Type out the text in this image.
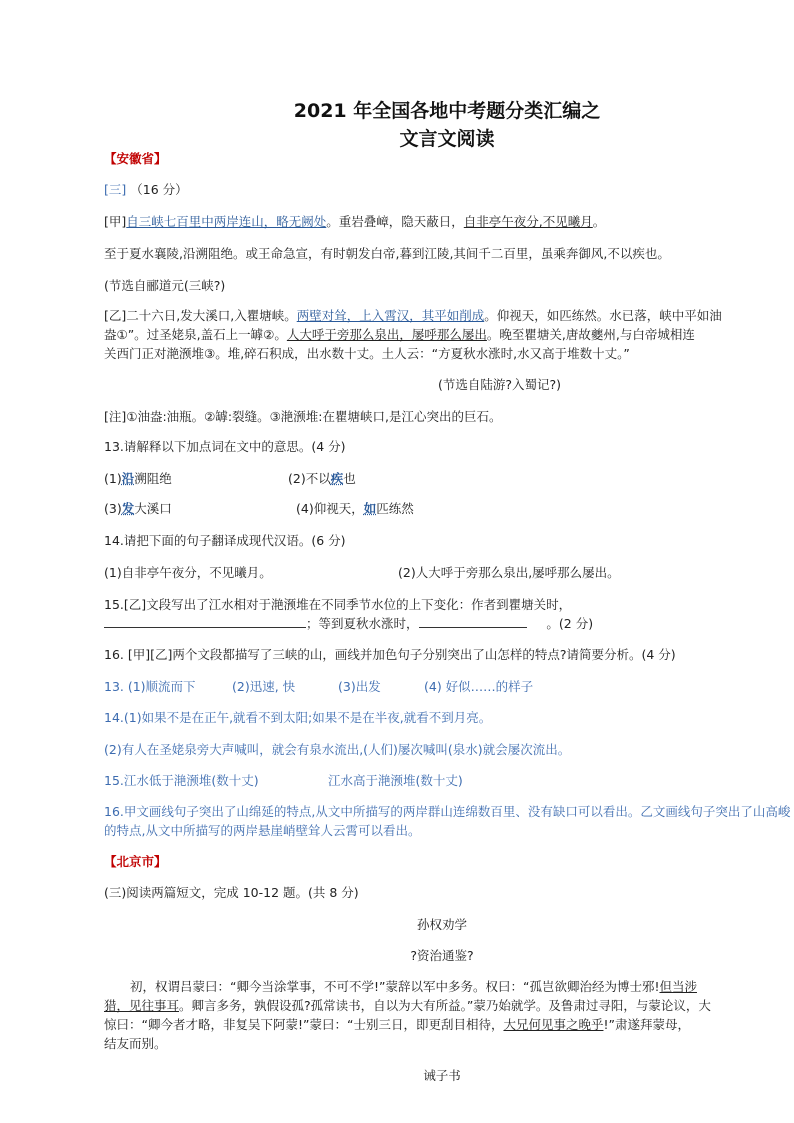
2021 年全国各地中考题分类汇编之
文言文阅读
【安徽省】
[三] （16 分）
[甲]自三峡七百里中两岸连山，略无阙处。重岩叠嶂，隐天蔽日，自非亭午夜分,不见曦月。
至于夏水襄陵,沿溯阻绝。或王命急宣，有时朝发白帝,暮到江陵,其间千二百里，虽乘奔御风,不以疾也。
(节选自郦道元(三峡?)
[乙]二十六日,发大溪口,入瞿塘峡。两壁对耸，上入霄汉，其平如削成。仰视天，如匹练然。水已落，峡中平如油
盎①”。过圣姥泉,盖石上一罅②。人大呼于旁那么泉出，屡呼那么屡出。晚至瞿塘关,唐故夔州,与白帝城相连
关西门正对滟滪堆③。堆,碎石积成，出水数十丈。土人云：“方夏秋水涨时,水又高于堆数十丈。”
(节选自陆游?入蜀记?)
[注]①油盎:油瓶。②罅:裂缝。③滟滪堆:在瞿塘峡口,是江心突出的巨石。
13.请解释以下加点词在文中的意思。(4 分)
(1)沿溯阻绝	(2)不以疾也
(3)发大溪口	(4)仰视天，如匹练然
14.请把下面的句子翻译成现代汉语。(6 分)
(1)自非亭午夜分，不见曦月。	(2)人大呼于旁那么泉出,屡呼那么屡出。
15.[乙]文段写出了江水相对于滟滪堆在不同季节水位的上下变化：作者到瞿塘关时，
；等到夏秋水涨时，	。(2 分)
16. [甲][乙]两个文段都描写了三峡的山，画线并加色句子分别突出了山怎样的特点?请简要分析。(4 分)
13. (1)顺流而下	(2)迅速, 快	(3)出发	(4) 好似……的样子
14.(1)如果不是在正午,就看不到太阳;如果不是在半夜,就看不到月亮。
(2)有人在圣姥泉旁大声喊叫，就会有泉水流出,(人们)屡次喊叫(泉水)就会屡次流出。
15.江水低于滟滪堆(数十丈)	江水高于滟滪堆(数十丈)
16.甲文画线句子突出了山绵延的特点,从文中所描写的两岸群山连绵数百里、没有缺口可以看出。乙文画线句子突出了山高峻的特点,从文中所描写的两岸悬崖峭壁耸人云霄可以看出。
【北京市】
(三)阅读两篇短文，完成 10-12 题。(共 8 分)
孙权劝学
?资治通鉴?
初，权谓吕蒙曰：“卿今当涂掌事，不可不学!”蒙辞以军中多务。权曰：“孤岂欲卿治经为博士邪!但当涉
猎，见往事耳。卿言多务，孰假设孤?孤常读书，自以为大有所益。”蒙乃始就学。及鲁肃过寻阳，与蒙论议，大
惊曰：“卿今者才略，非复吴下阿蒙!”蒙曰：“士别三日，即更刮目相待，大兄何见事之晚乎!”肃遂拜蒙母，
结友而别。
诫子书
